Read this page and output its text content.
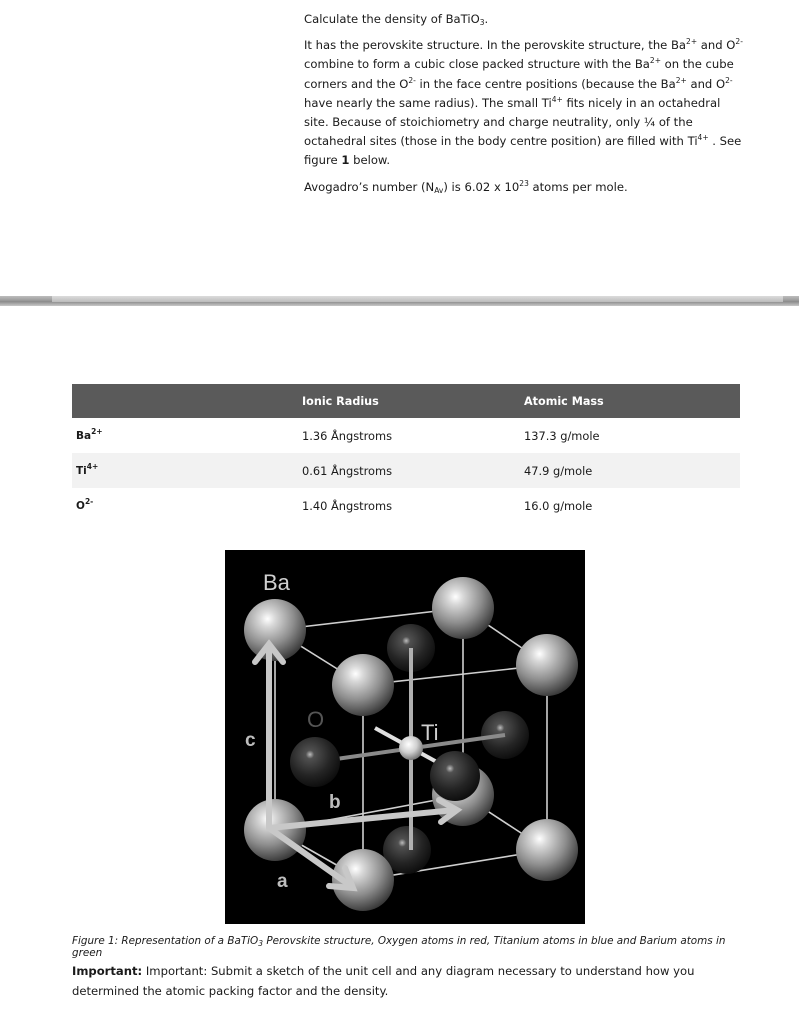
Calculate the density of BaTiO$_3$.

It has the perovskite structure. In the perovskite structure, the $Ba^{2+}$ and $O^{2-}$ combine to form a cubic close packed structure with the $Ba^{2+}$ on the cube corners and the $O^{2-}$ in the face centre positions (because the $Ba^{2+}$ and $O^{2-}$ have nearly the same radius). The small $Ti^{4+}$ fits nicely in an octahedral site. Because of stoichiometry and charge neutrality, only ¼ of the octahedral sites (those in the body centre position) are filled with $Ti^{4+}$ . See figure 1 below.

Avogadro’s number $(N_{Av})$ is 6.02 x $10^{23}$ atoms per mole.

	Ionic Radius	Atomic Mass
$Ba^{2+}$	1.36 Ångstroms	137.3 g/mole
$Ti^{4+}$	0.61 Ångstroms	47.9 g/mole
$O^{2-}$	1.40 Ångstroms	16.0 g/mole
Ba
O
Ti
c
b
a
Figure 1: Representation of a BaTiO$_3$ Perovskite structure, Oxygen atoms in red, Titanium atoms in blue and Barium atoms in green
Important: Important: Submit a sketch of the unit cell and any diagram necessary to understand how you determined the atomic packing factor and the density.
